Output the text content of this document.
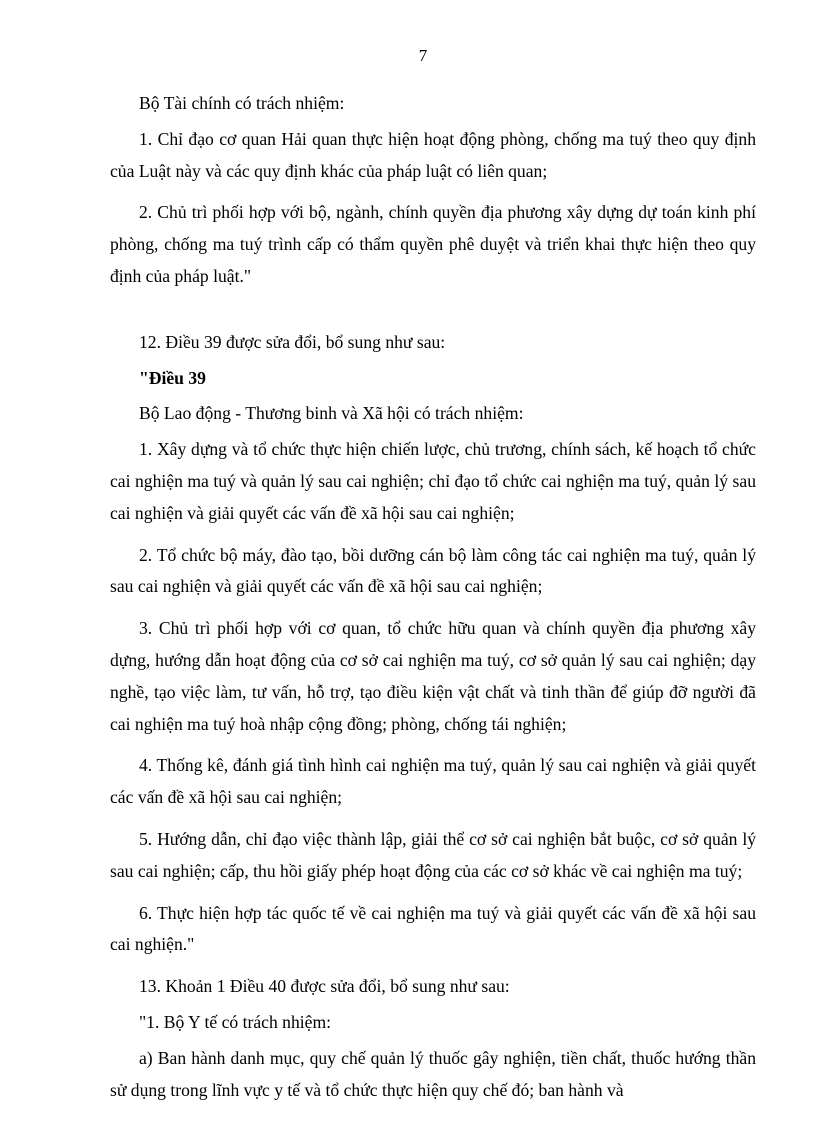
7

Bộ Tài chính có trách nhiệm:

1. Chỉ đạo cơ quan Hải quan thực hiện hoạt động phòng, chống ma tuý theo quy định của Luật này và các quy định khác của pháp luật có liên quan;

2. Chủ trì phối hợp với bộ, ngành, chính quyền địa phương xây dựng dự toán kinh phí phòng, chống ma tuý trình cấp có thẩm quyền phê duyệt và triển khai thực hiện theo quy định của pháp luật."

12. Điều 39 được sửa đổi, bổ sung như sau:

"Điều 39

Bộ Lao động - Thương binh và Xã hội có trách nhiệm:

1. Xây dựng và tổ chức thực hiện chiến lược, chủ trương, chính sách, kế hoạch tổ chức cai nghiện ma tuý và quản lý sau cai nghiện; chỉ đạo tổ chức cai nghiện ma tuý, quản lý sau cai nghiện và giải quyết các vấn đề xã hội sau cai nghiện;

2. Tổ chức bộ máy, đào tạo, bồi dưỡng cán bộ làm công tác cai nghiện ma tuý, quản lý sau cai nghiện và giải quyết các vấn đề xã hội sau cai nghiện;

3. Chủ trì phối hợp với cơ quan, tổ chức hữu quan và chính quyền địa phương xây dựng, hướng dẫn hoạt động của cơ sở cai nghiện ma tuý, cơ sở quản lý sau cai nghiện; dạy nghề, tạo việc làm, tư vấn, hỗ trợ, tạo điều kiện vật chất và tinh thần để giúp đỡ người đã cai nghiện ma tuý hoà nhập cộng đồng; phòng, chống tái nghiện;

4. Thống kê, đánh giá tình hình cai nghiện ma tuý, quản lý sau cai nghiện và giải quyết các vấn đề xã hội sau cai nghiện;

5. Hướng dẫn, chỉ đạo việc thành lập, giải thể cơ sở cai nghiện bắt buộc, cơ sở quản lý sau cai nghiện; cấp, thu hồi giấy phép hoạt động của các cơ sở khác về cai nghiện ma tuý;

6. Thực hiện hợp tác quốc tế về cai nghiện ma tuý và giải quyết các vấn đề xã hội sau cai nghiện."

13. Khoản 1 Điều 40 được sửa đổi, bổ sung như sau:

"1. Bộ Y tế có trách nhiệm:

a) Ban hành danh mục, quy chế quản lý thuốc gây nghiện, tiền chất, thuốc hướng thần sử dụng trong lĩnh vực y tế và tổ chức thực hiện quy chế đó; ban hành và
